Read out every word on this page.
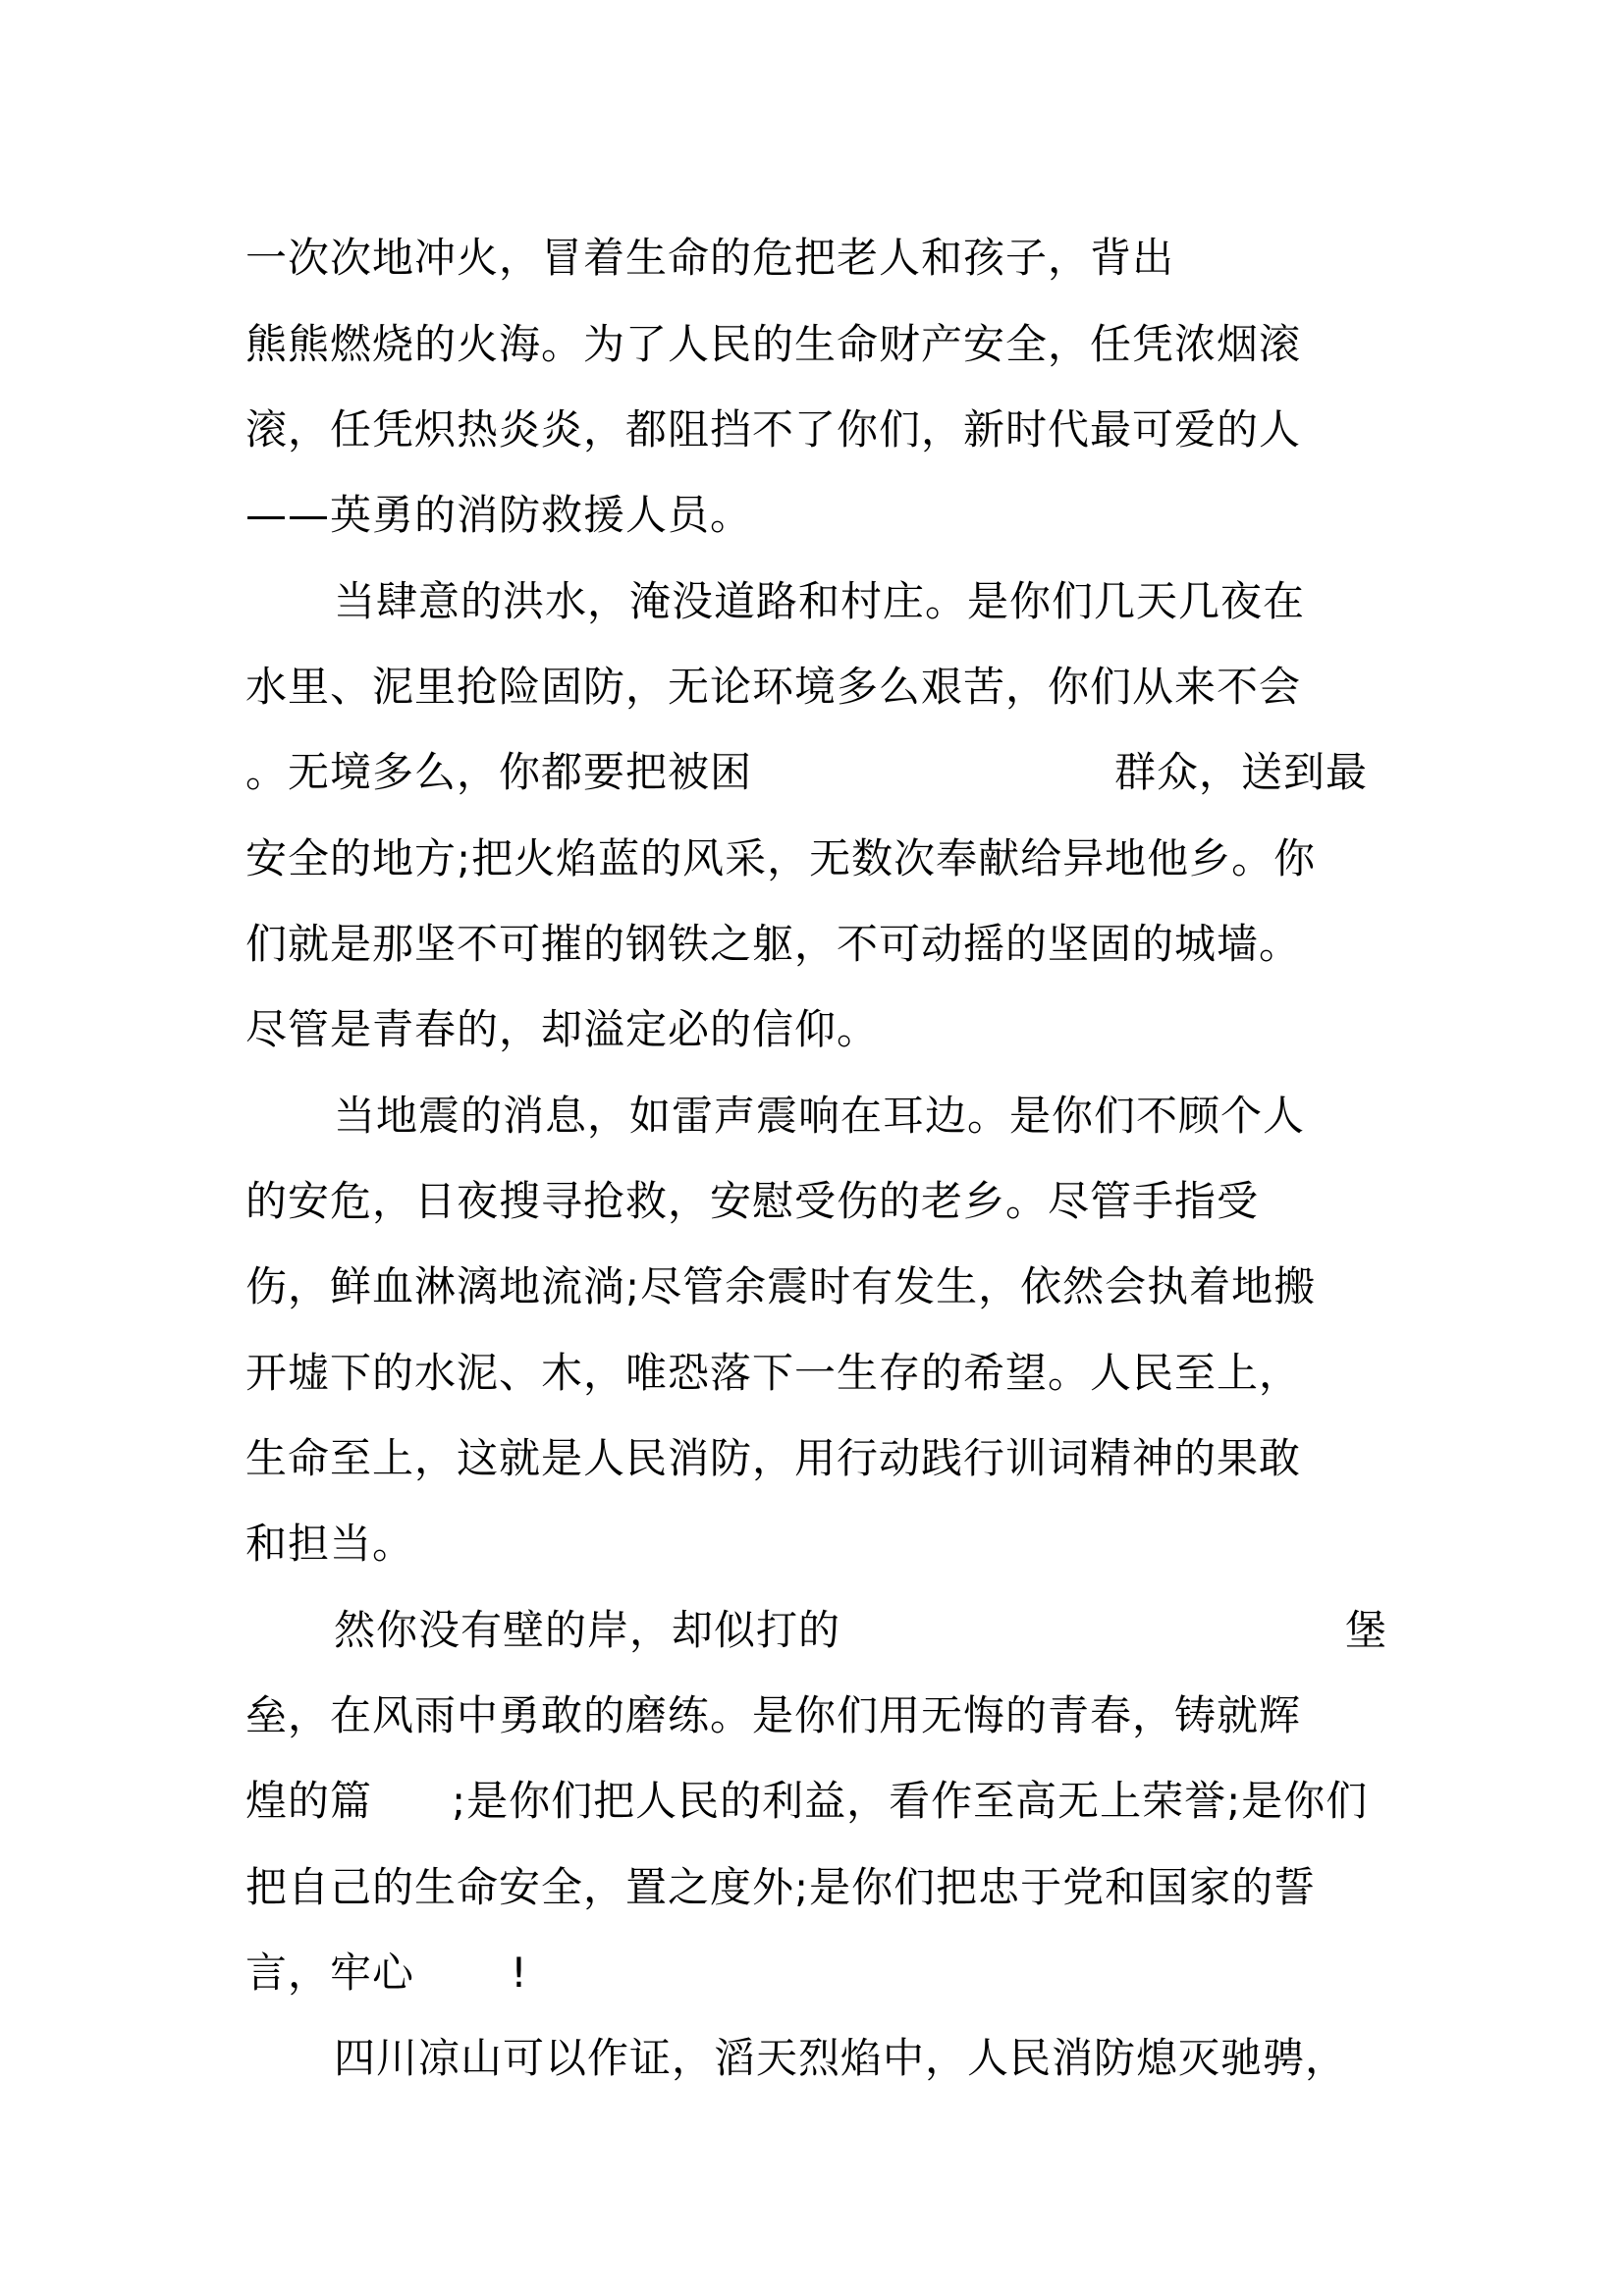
一次次地冲火，冒着生命的危把老人和孩子，背出
熊熊燃烧的火海。为了人民的生命财产安全，任凭浓烟滚
滚，任凭炽热炎炎，都阻挡不了你们，新时代最可爱的人
——英勇的消防救援人员。
当肆意的洪水，淹没道路和村庄。是你们几天几夜在
水里、泥里抢险固防，无论环境多么艰苦，你们从来不会
。无境多么，你都要把被困	群众，送到最
安全的地方;把火焰蓝的风采，无数次奉献给异地他乡。你
们就是那坚不可摧的钢铁之躯，不可动摇的坚固的城墙。
尽管是青春的，却溢定必的信仰。
当地震的消息，如雷声震响在耳边。是你们不顾个人
的安危，日夜搜寻抢救，安慰受伤的老乡。尽管手指受
伤，鲜血淋漓地流淌;尽管余震时有发生，依然会执着地搬
开墟下的水泥、木，唯恐落下一生存的希望。人民至上，
生命至上，这就是人民消防，用行动践行训词精神的果敢
和担当。
然你没有壁的岸，却似打的	堡
垒，在风雨中勇敢的磨练。是你们用无悔的青春，铸就辉
煌的篇 ;是你们把人民的利益，看作至高无上荣誉;是你们
把自己的生命安全，置之度外;是你们把忠于党和国家的誓
言，牢心 !
四川凉山可以作证，滔天烈焰中，人民消防熄灭驰骋，
